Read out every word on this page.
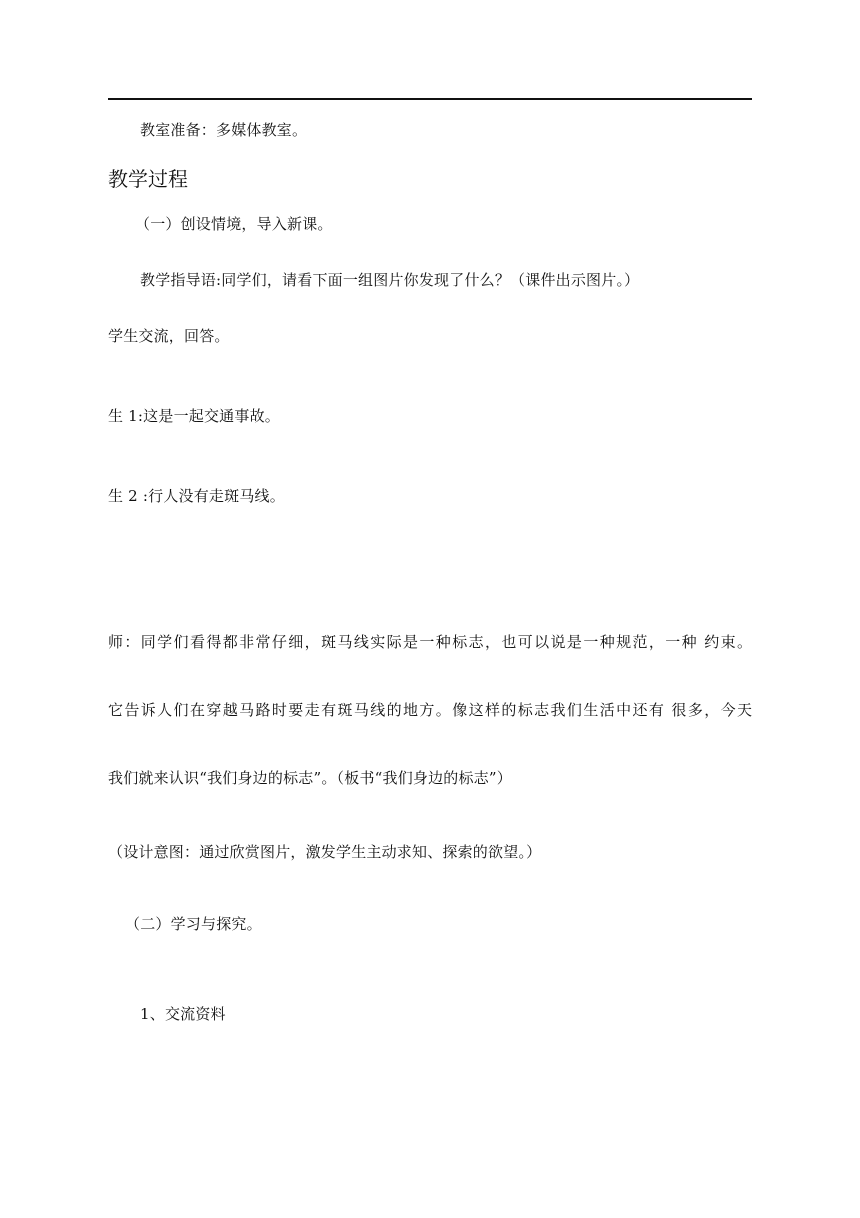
教室准备：多媒体教室。
教学过程
（一）创设情境，导入新课。
教学指导语:同学们，请看下面一组图片你发现了什么？（课件出示图片。）
学生交流，回答。
生 1:这是一起交通事故。
生 2 :行人没有走斑马线。
师：同学们看得都非常仔细，斑马线实际是一种标志，也可以说是一种规范，一种 约束。
它告诉人们在穿越马路时要走有斑马线的地方。像这样的标志我们生活中还有 很多，今天
我们就来认识“我们身边的标志”。（板书“我们身边的标志”）
（设计意图：通过欣赏图片，激发学生主动求知、探索的欲望。）
（二）学习与探究。
1、交流资料
